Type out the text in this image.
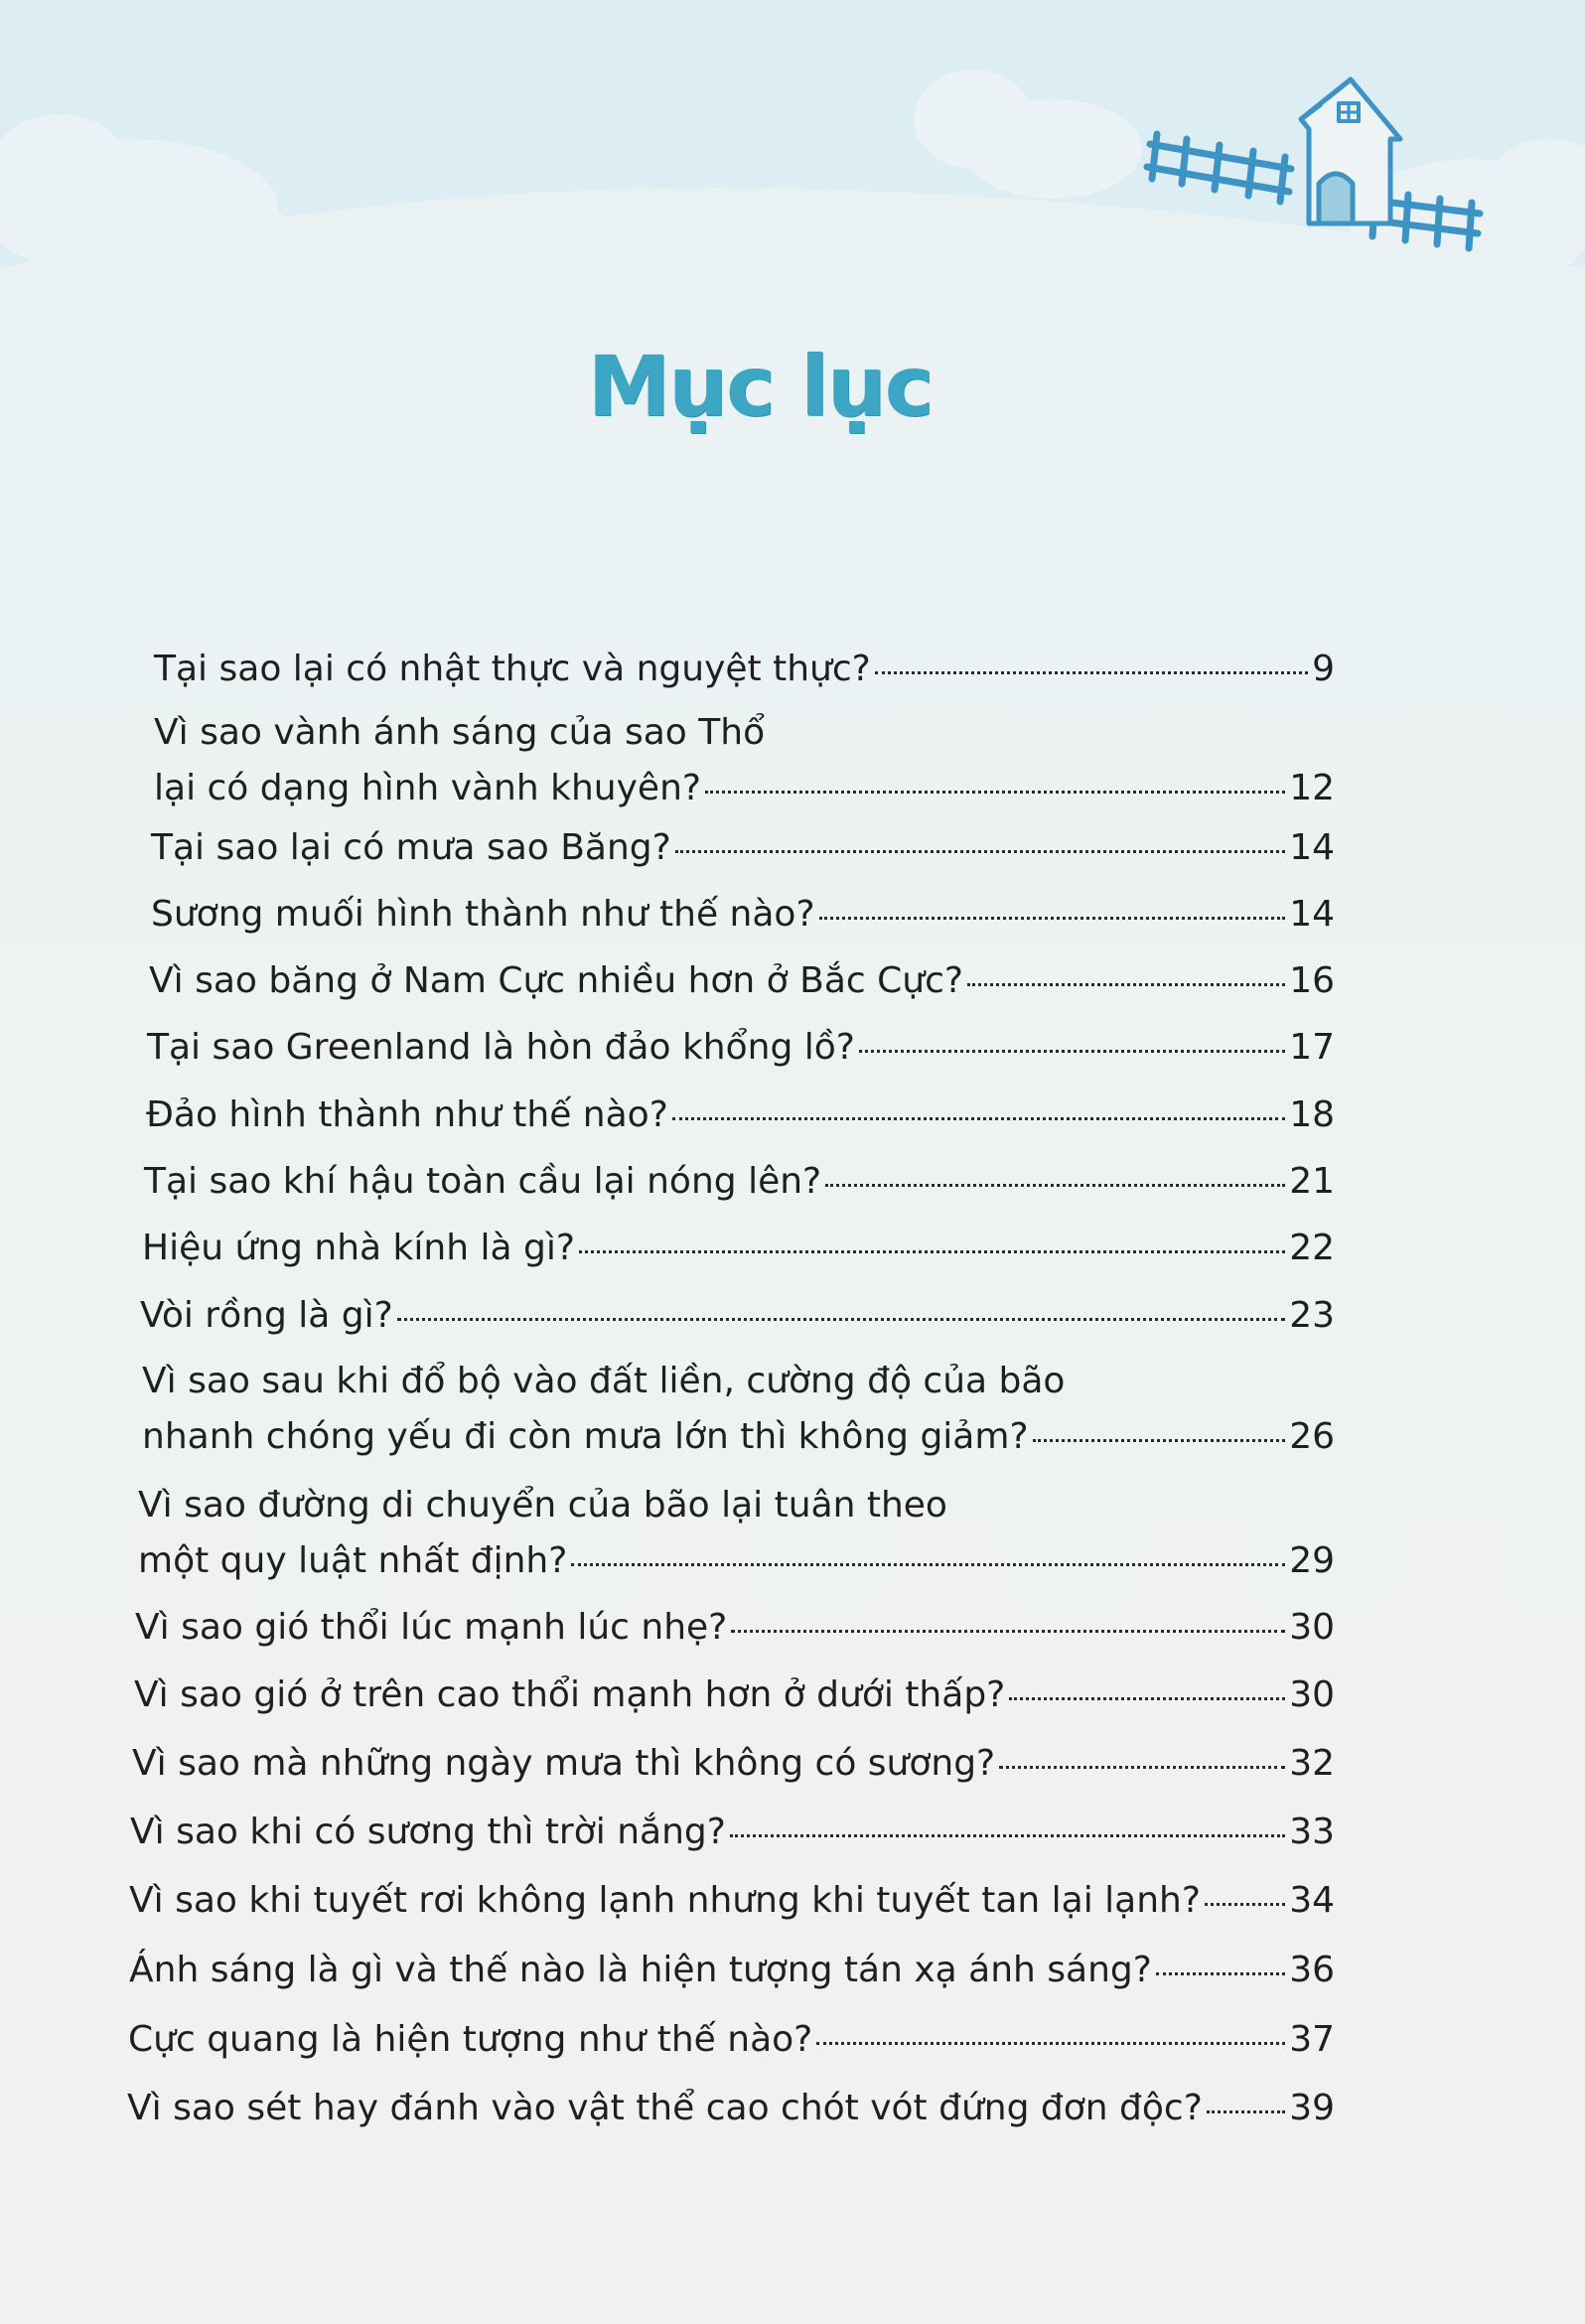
Mục lục
Tại sao lại có nhật thực và nguyệt thực?	9
Vì sao vành ánh sáng của sao Thổ
lại có dạng hình vành khuyên?	12
Tại sao lại có mưa sao Băng?	14
Sương muối hình thành như thế nào?	14
Vì sao băng ở Nam Cực nhiều hơn ở Bắc Cực?	16
Tại sao Greenland là hòn đảo khổng lồ?	17
Đảo hình thành như thế nào?	18
Tại sao khí hậu toàn cầu lại nóng lên?	21
Hiệu ứng nhà kính là gì?	22
Vòi rồng là gì?	23
Vì sao sau khi đổ bộ vào đất liền, cường độ của bão
nhanh chóng yếu đi còn mưa lớn thì không giảm?	26
Vì sao đường di chuyển của bão lại tuân theo
một quy luật nhất định?	29
Vì sao gió thổi lúc mạnh lúc nhẹ?	30
Vì sao gió ở trên cao thổi mạnh hơn ở dưới thấp?	30
Vì sao mà những ngày mưa thì không có sương?	32
Vì sao khi có sương thì trời nắng?	33
Vì sao khi tuyết rơi không lạnh nhưng khi tuyết tan lại lạnh? 34
Ánh sáng là gì và thế nào là hiện tượng tán xạ ánh sáng?	36
Cực quang là hiện tượng như thế nào?	37
Vì sao sét hay đánh vào vật thể cao chót vót đứng đơn độc? 39
